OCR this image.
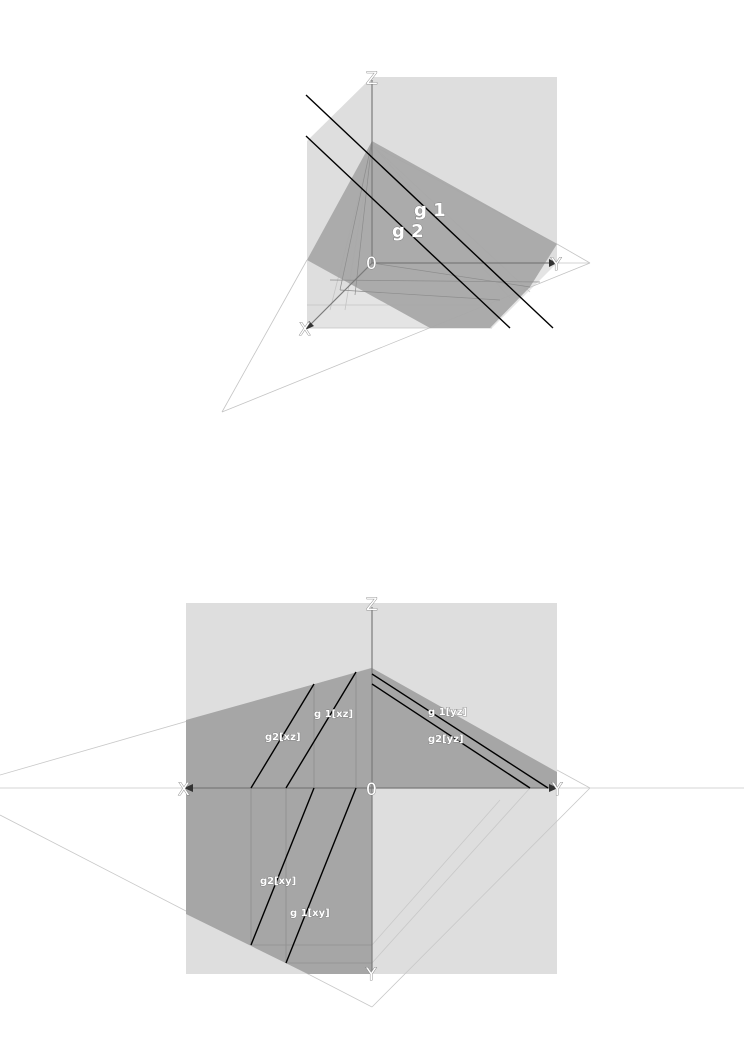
Z
Y
X
0
g 1
g 2
Z
X	Y
Y
0
g 1[xz]
g2[xz]
g 1[yz]
g2[yz]
g2[xy]
g 1[xy]
